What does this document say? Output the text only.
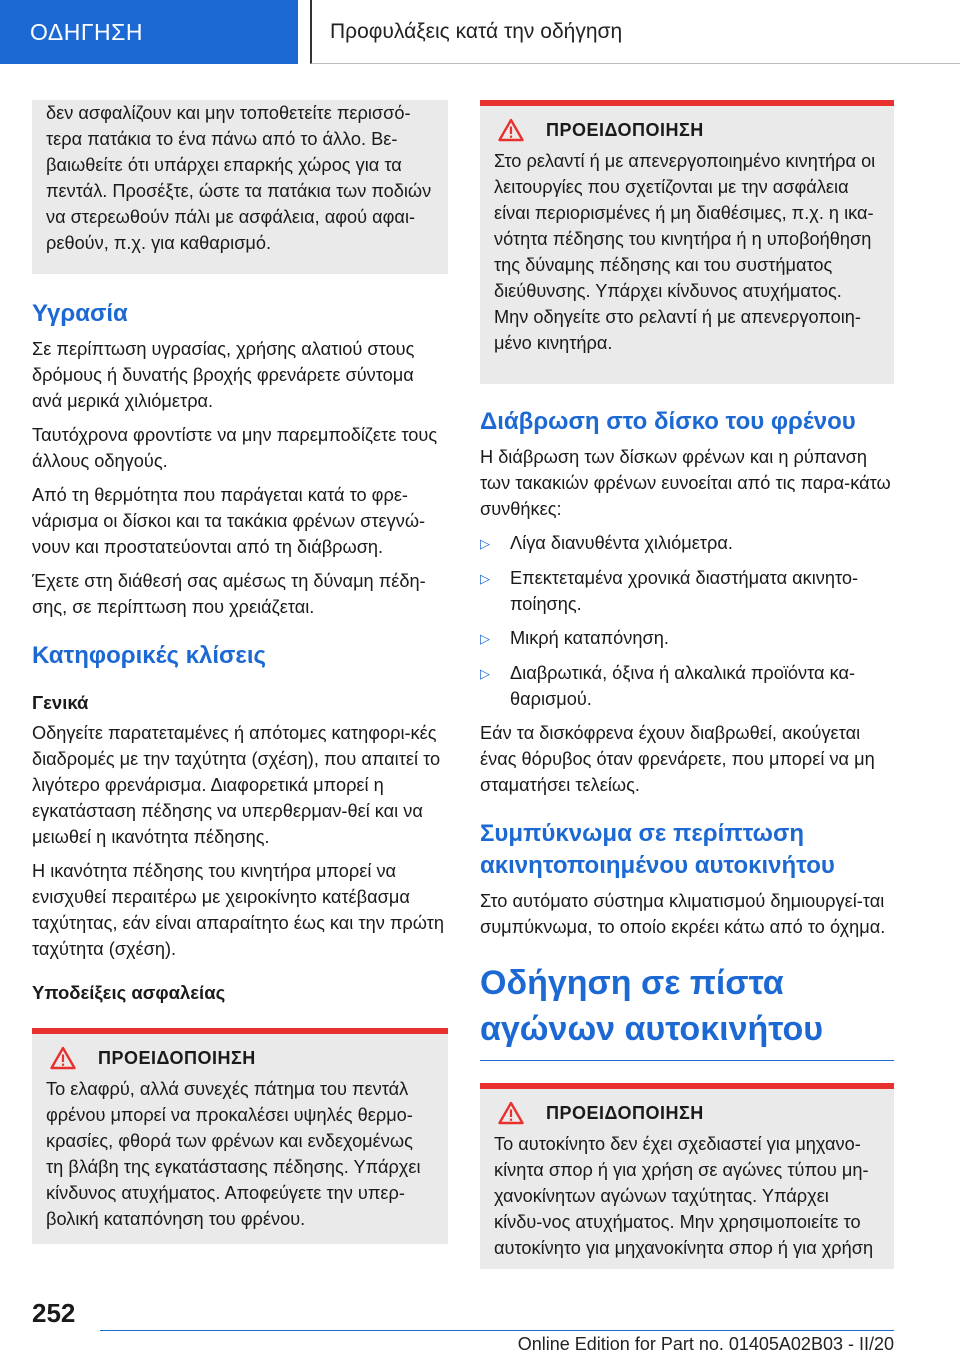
ΟΔΗΓΗΣΗ	Προφυλάξεις κατά την οδήγηση

δεν ασφαλίζουν και μην τοποθετείτε περισσό-τερα πατάκια το ένα πάνω από το άλλο. Βε-βαιωθείτε ότι υπάρχει επαρκής χώρος για τα πεντάλ. Προσέξτε, ώστε τα πατάκια των ποδιών να στερεωθούν πάλι με ασφάλεια, αφού αφαι-ρεθούν, π.χ. για καθαρισμό.

Υγρασία

Σε περίπτωση υγρασίας, χρήσης αλατιού στους δρόμους ή δυνατής βροχής φρενάρετε σύντομα ανά μερικά χιλιόμετρα.

Ταυτόχρονα φροντίστε να μην παρεμποδίζετε τους άλλους οδηγούς.

Από τη θερμότητα που παράγεται κατά το φρε-νάρισμα οι δίσκοι και τα τακάκια φρένων στεγνώ-νουν και προστατεύονται από τη διάβρωση.

Έχετε στη διάθεσή σας αμέσως τη δύναμη πέδη-σης, σε περίπτωση που χρειάζεται.

Κατηφορικές κλίσεις
Γενικά

Οδηγείτε παρατεταμένες ή απότομες κατηφορι-κές διαδρομές με την ταχύτητα (σχέση), που απαιτεί το λιγότερο φρενάρισμα. Διαφορετικά μπορεί η εγκατάσταση πέδησης να υπερθερμαν-θεί και να μειωθεί η ικανότητα πέδησης.

Η ικανότητα πέδησης του κινητήρα μπορεί να ενισχυθεί περαιτέρω με χειροκίνητο κατέβασμα ταχύτητας, εάν είναι απαραίτητο έως και την πρώτη ταχύτητα (σχέση).

Υποδείξεις ασφαλείας
ΠΡΟΕΙΔΟΠΟΙΗΣΗ

Το ελαφρύ, αλλά συνεχές πάτημα του πεντάλ φρένου μπορεί να προκαλέσει υψηλές θερμο-κρασίες, φθορά των φρένων και ενδεχομένως τη βλάβη της εγκατάστασης πέδησης. Υπάρχει κίνδυνος ατυχήματος. Αποφεύγετε την υπερ-βολική καταπόνηση του φρένου.

ΠΡΟΕΙΔΟΠΟΙΗΣΗ

Στο ρελαντί ή με απενεργοποιημένο κινητήρα οι λειτουργίες που σχετίζονται με την ασφάλεια είναι περιορισμένες ή μη διαθέσιμες, π.χ. η ικα-νότητα πέδησης του κινητήρα ή η υποβοήθηση της δύναμης πέδησης και του συστήματος διεύθυνσης. Υπάρχει κίνδυνος ατυχήματος. Μην οδηγείτε στο ρελαντί ή με απενεργοποιη-μένο κινητήρα.

Διάβρωση στο δίσκο του φρένου

Η διάβρωση των δίσκων φρένων και η ρύπανση των τακακιών φρένων ευνοείται από τις παρα-κάτω συνθήκες:

▷	Λίγα διανυθέντα χιλιόμετρα.
▷	Επεκτεταμένα χρονικά διαστήματα ακινητο-ποίησης.
▷	Μικρή καταπόνηση.
▷	Διαβρωτικά, όξινα ή αλκαλικά προϊόντα κα-θαρισμού.

Εάν τα δισκόφρενα έχουν διαβρωθεί, ακούγεται ένας θόρυβος όταν φρενάρετε, που μπορεί να μη σταματήσει τελείως.

Συμπύκνωμα σε περίπτωση ακινητοποιημένου αυτοκινήτου

Στο αυτόματο σύστημα κλιματισμού δημιουργεί-ται συμπύκνωμα, το οποίο εκρέει κάτω από το όχημα.

Οδήγηση σε πίστα αγώνων αυτοκινήτου
ΠΡΟΕΙΔΟΠΟΙΗΣΗ

Το αυτοκίνητο δεν έχει σχεδιαστεί για μηχανο-κίνητα σπορ ή για χρήση σε αγώνες τύπου μη-χανοκίνητων αγώνων ταχύτητας. Υπάρχει κίνδυ-νος ατυχήματος. Μην χρησιμοποιείτε το αυτοκίνητο για μηχανοκίνητα σπορ ή για χρήση

252
Online Edition for Part no. 01405A02B03 - II/20
